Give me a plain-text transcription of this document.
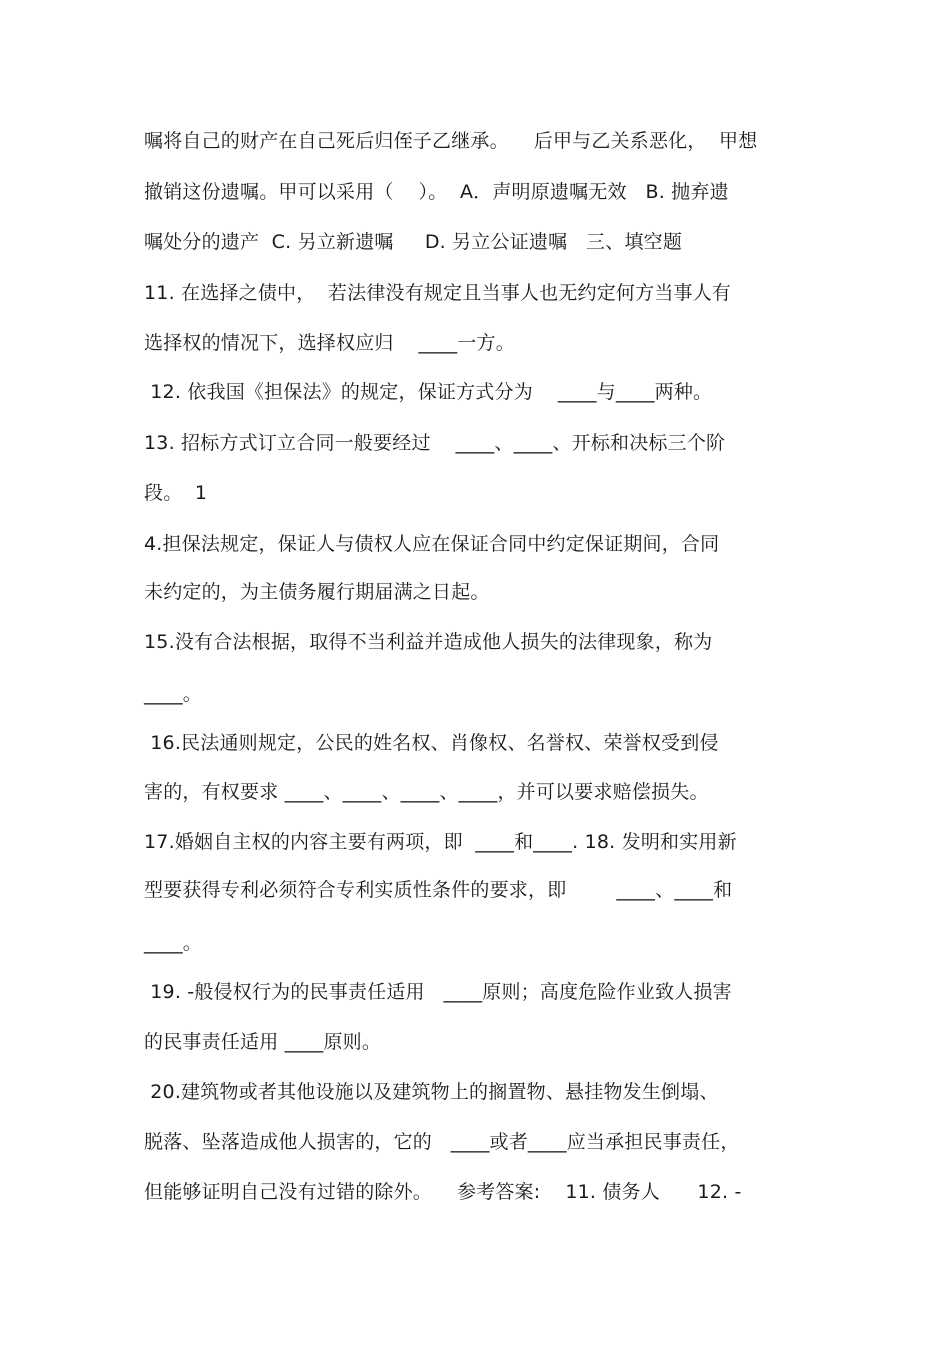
嘱将自己的财产在自己死后归侄子乙继承。    后甲与乙关系恶化，  甲想
撤销这份遗嘱。甲可以采用（    ）。  A．声明原遗嘱无效   B. 抛弃遗
嘱处分的遗产  C. 另立新遗嘱     D. 另立公证遗嘱   三、填空题
11. 在选择之债中，  若法律没有规定且当事人也无约定何方当事人有
选择权的情况下，选择权应归    ____一方。
12. 依我国《担保法》的规定，保证方式分为    ____与____两种。
13. 招标方式订立合同一般要经过    ____、____、开标和决标三个阶
段。  1
4.担保法规定，保证人与债权人应在保证合同中约定保证期间，合同
未约定的，为主债务履行期届满之日起。
15.没有合法根据，取得不当利益并造成他人损失的法律现象，称为
____。
16.民法通则规定，公民的姓名权、肖像权、名誉权、荣誉权受到侵
害的，有权要求 ____、____、____、____，并可以要求赔偿损失。
17.婚姻自主权的内容主要有两项，即  ____和____. 18. 发明和实用新
型要获得专利必须符合专利实质性条件的要求，即        ____、____和
____。
19. -般侵权行为的民事责任适用   ____原则；高度危险作业致人损害
的民事责任适用 ____原则。
20.建筑物或者其他设施以及建筑物上的搁置物、悬挂物发生倒塌、
脱落、坠落造成他人损害的，它的   ____或者____应当承担民事责任，
但能够证明自己没有过错的除外。    参考答案:    11. 债务人      12. -
